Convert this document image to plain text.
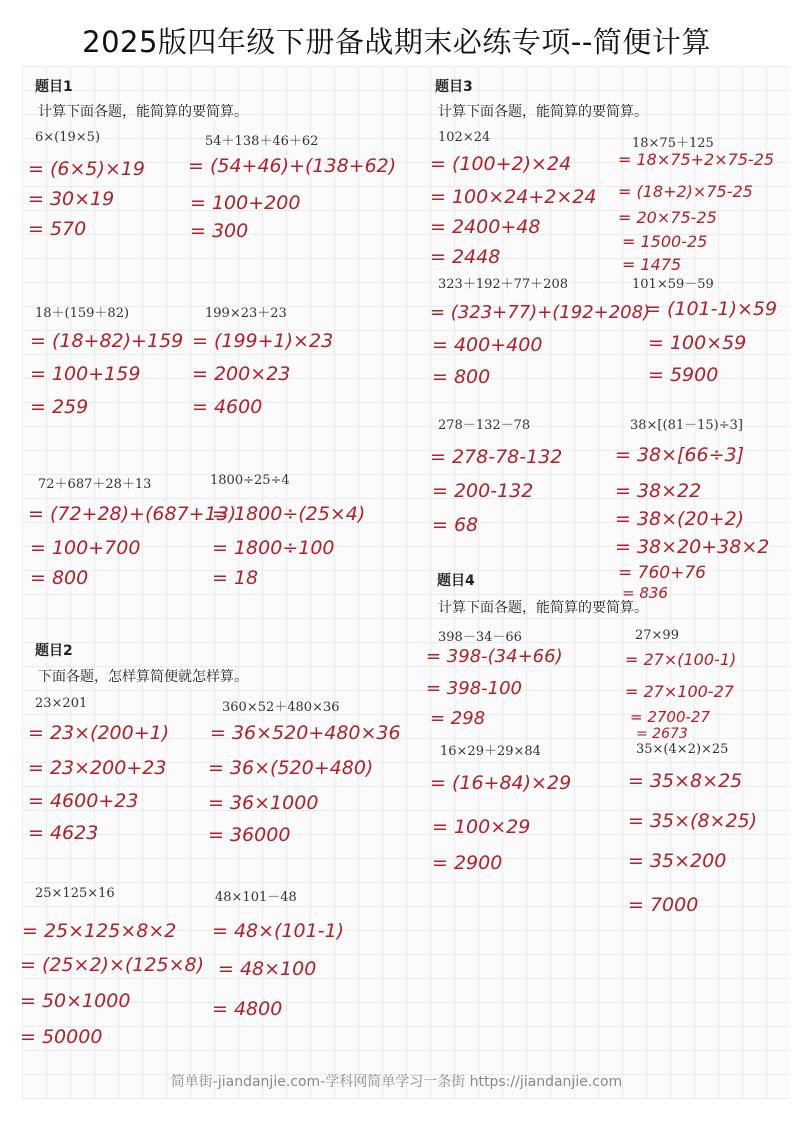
2025版四年级下册备战期末必练专项--简便计算
题目1
计算下面各题，能简算的要简算。
6×(19×5)
= (6×5)×19
= 30×19
= 570
54＋138＋46＋62
= (54+46)+(138+62)
= 100+200
= 300
18＋(159＋82)
= (18+82)+159
= 100+159
= 259
199×23＋23
= (199+1)×23
= 200×23
= 4600
72＋687＋28＋13
= (72+28)+(687+13)
= 100+700
= 800
1800÷25÷4
= 1800÷(25×4)
= 1800÷100
= 18
题目2
下面各题，怎样算简便就怎样算。
23×201
= 23×(200+1)
= 23×200+23
= 4600+23
= 4623
360×52＋480×36
= 36×520+480×36
= 36×(520+480)
= 36×1000
= 36000
25×125×16
= 25×125×8×2
= (25×2)×(125×8)
= 50×1000
= 50000
48×101－48
= 48×(101-1)
= 48×100
= 4800
题目3
计算下面各题，能简算的要简算。
102×24
= (100+2)×24
= 100×24+2×24
= 2400+48
= 2448
18×75＋125
= 18×75+2×75-25
= (18+2)×75-25
= 20×75-25
= 1500-25
= 1475
323＋192＋77＋208
= (323+77)+(192+208)
= 400+400
= 800
101×59－59
= (101-1)×59
= 100×59
= 5900
278－132－78
= 278-78-132
= 200-132
= 68
38×[(81－15)÷3]
= 38×[66÷3]
= 38×22
= 38×(20+2)
= 38×20+38×2
= 760+76
= 836
题目4
计算下面各题，能简算的要简算。
398－34－66
= 398-(34+66)
= 398-100
= 298
27×99
= 27×(100-1)
= 27×100-27
= 2700-27
= 2673
16×29＋29×84
= (16+84)×29
= 100×29
= 2900
35×(4×2)×25
= 35×8×25
= 35×(8×25)
= 35×200
= 7000
简单街-jiandanjie.com-学科网简单学习一条街 https://jiandanjie.com
